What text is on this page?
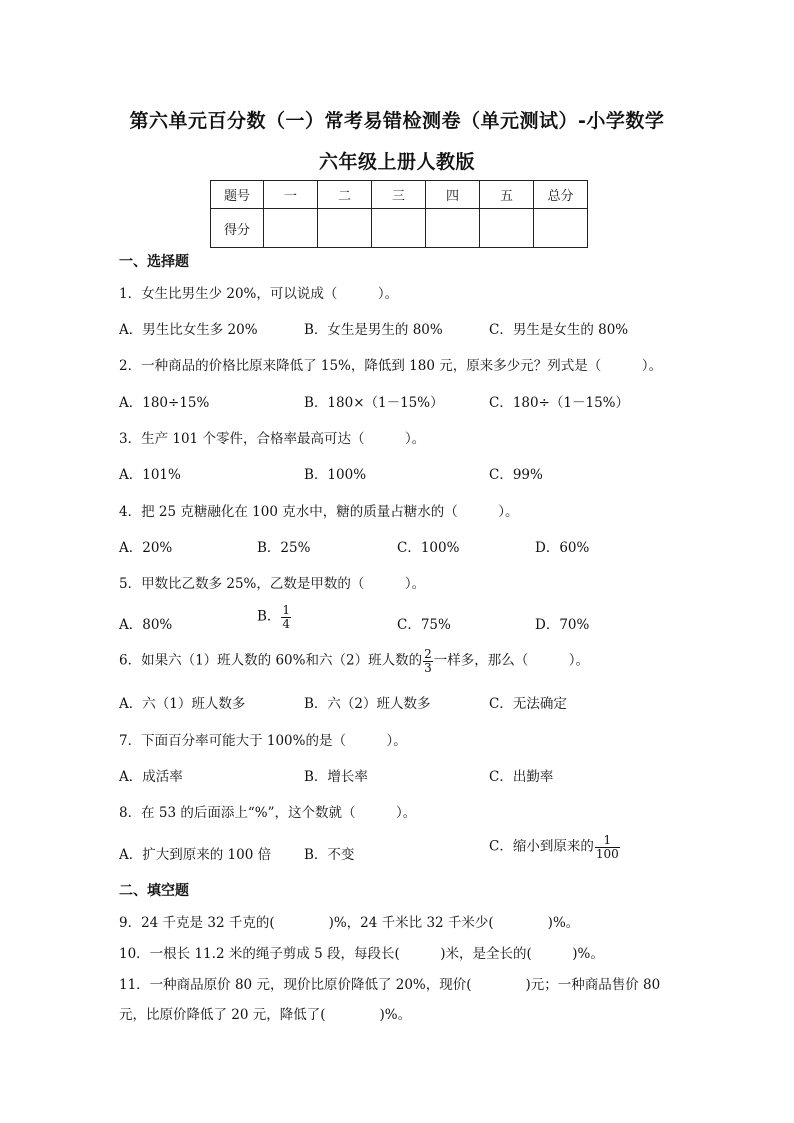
第六单元百分数（一）常考易错检测卷（单元测试）-小学数学
六年级上册人教版
题号	一	二	三	四	五	总分
得分						
一、选择题
1．女生比男生少 20%，可以说成（　　　）。
A．男生比女生多 20%	B．女生是男生的 80%	C．男生是女生的 80%
2．一种商品的价格比原来降低了 15%，降低到 180 元，原来多少元？列式是（　　　）。
A．180÷15%	B．180×（1－15%）	C．180÷（1－15%）
3．生产 101 个零件，合格率最高可达（　　　）。
A．101%	B．100%	C．99%
4．把 25 克糖融化在 100 克水中，糖的质量占糖水的（　　　）。
A．20%	B．25%	C．100%	D．60%
5．甲数比乙数多 25%，乙数是甲数的（　　　）。
A．80%
B． $\frac{1}{4}$	C．75%	D．70%
6．如果六（1）班人数的 60%和六（2）班人数的 $\frac{2}{3}$ 一样多，那么（　　　）。
A．六（1）班人数多	B．六（2）班人数多	C．无法确定
7．下面百分率可能大于 100%的是（　　　）。
A．成活率	B．增长率	C．出勤率
8．在 53 的后面添上“%”，这个数就（　　　）。
A．扩大到原来的 100 倍 B．不变
C．缩小到原来的 $\frac{1}{100}$
二、填空题
9．24 千克是 32 千克的(　　　　)%，24 千米比 32 千米少(　　　　)%。
10．一根长 11.2 米的绳子剪成 5 段，每段长(　　　)米，是全长的(　　　)%。
11．一种商品原价 80 元，现价比原价降低了 20%，现价(　　　　)元；一种商品售价 80
元，比原价降低了 20 元，降低了(　　　　)%。
